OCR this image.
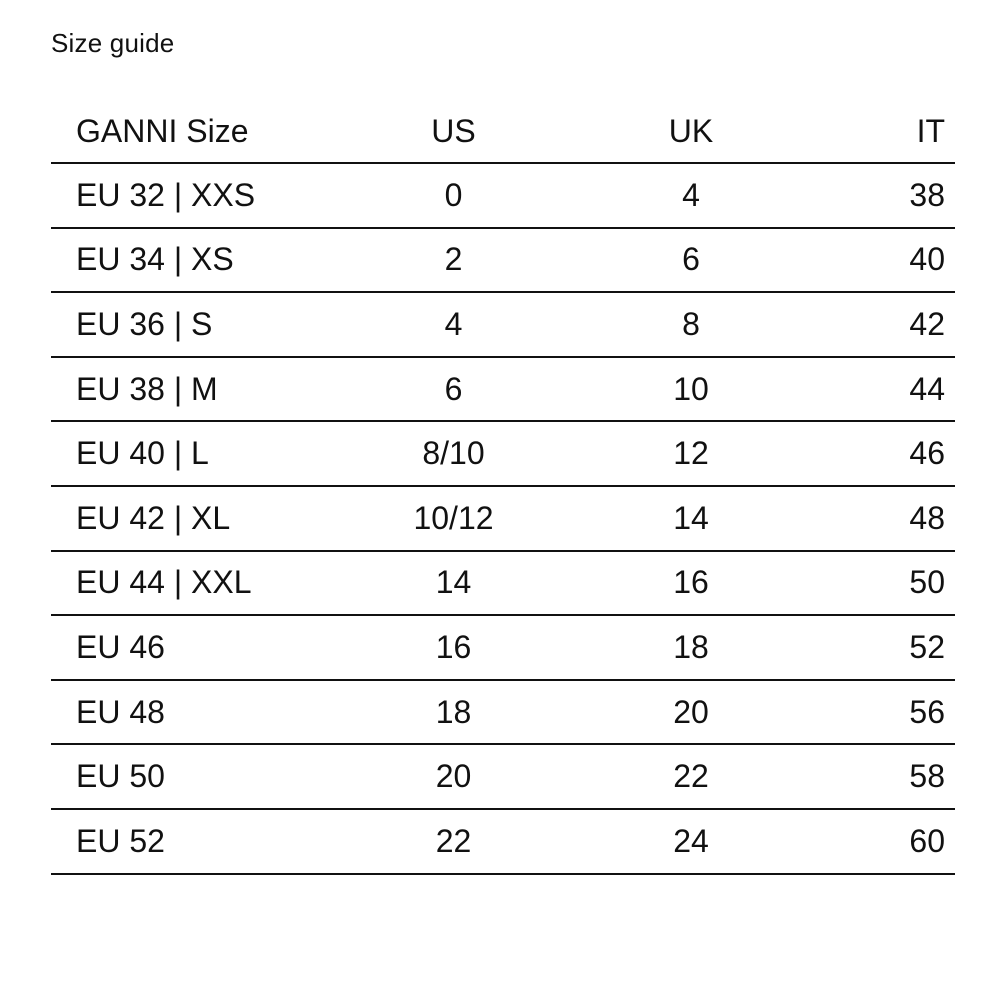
Size guide
GANNI Size	US	UK	IT
EU 32 | XXS	0	4	38
EU 34 | XS	2	6	40
EU 36 | S	4	8	42
EU 38 | M	6	10	44
EU 40 | L	8/10	12	46
EU 42 | XL	10/12	14	48
EU 44 | XXL	14	16	50
EU 46	16	18	52
EU 48	18	20	56
EU 50	20	22	58
EU 52	22	24	60
